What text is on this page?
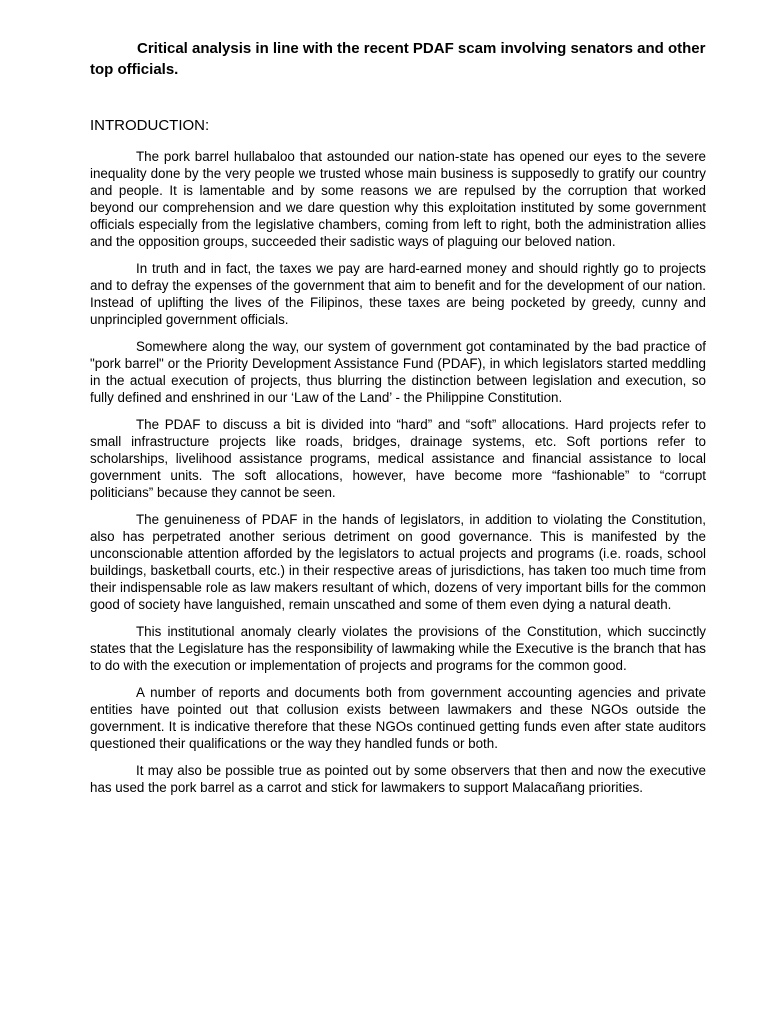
Critical analysis in line with the recent PDAF scam involving senators and other top officials.

INTRODUCTION:

The pork barrel hullabaloo that astounded our nation-state has opened our eyes to the severe inequality done by the very people we trusted whose main business is supposedly to gratify our country and people. It is lamentable and by some reasons we are repulsed by the corruption that worked beyond our comprehension and we dare question why this exploitation instituted by some government officials especially from the legislative chambers, coming from left to right, both the administration allies and the opposition groups, succeeded their sadistic ways of plaguing our beloved nation.

In truth and in fact, the taxes we pay are hard-earned money and should rightly go to projects and to defray the expenses of the government that aim to benefit and for the development of our nation. Instead of uplifting the lives of the Filipinos, these taxes are being pocketed by greedy, cunny and unprincipled government officials.

Somewhere along the way, our system of government got contaminated by the bad practice of "pork barrel" or the Priority Development Assistance Fund (PDAF), in which legislators started meddling in the actual execution of projects, thus blurring the distinction between legislation and execution, so fully defined and enshrined in our ‘Law of the Land’ - the Philippine Constitution.

The PDAF to discuss a bit is divided into “hard” and “soft” allocations. Hard projects refer to small infrastructure projects like roads, bridges, drainage systems, etc. Soft portions refer to scholarships, livelihood assistance programs, medical assistance and financial assistance to local government units. The soft allocations, however, have become more “fashionable” to “corrupt politicians” because they cannot be seen.

The genuineness of PDAF in the hands of legislators, in addition to violating the Constitution, also has perpetrated another serious detriment on good governance. This is manifested by the unconscionable attention afforded by the legislators to actual projects and programs (i.e. roads, school buildings, basketball courts, etc.) in their respective areas of jurisdictions, has taken too much time from their indispensable role as law makers resultant of which, dozens of very important bills for the common good of society have languished, remain unscathed and some of them even dying a natural death.

This institutional anomaly clearly violates the provisions of the Constitution, which succinctly states that the Legislature has the responsibility of lawmaking while the Executive is the branch that has to do with the execution or implementation of projects and programs for the common good.

A number of reports and documents both from government accounting agencies and private entities have pointed out that collusion exists between lawmakers and these NGOs outside the government. It is indicative therefore that these NGOs continued getting funds even after state auditors questioned their qualifications or the way they handled funds or both.

It may also be possible true as pointed out by some observers that then and now the executive has used the pork barrel as a carrot and stick for lawmakers to support Malacañang priorities.
